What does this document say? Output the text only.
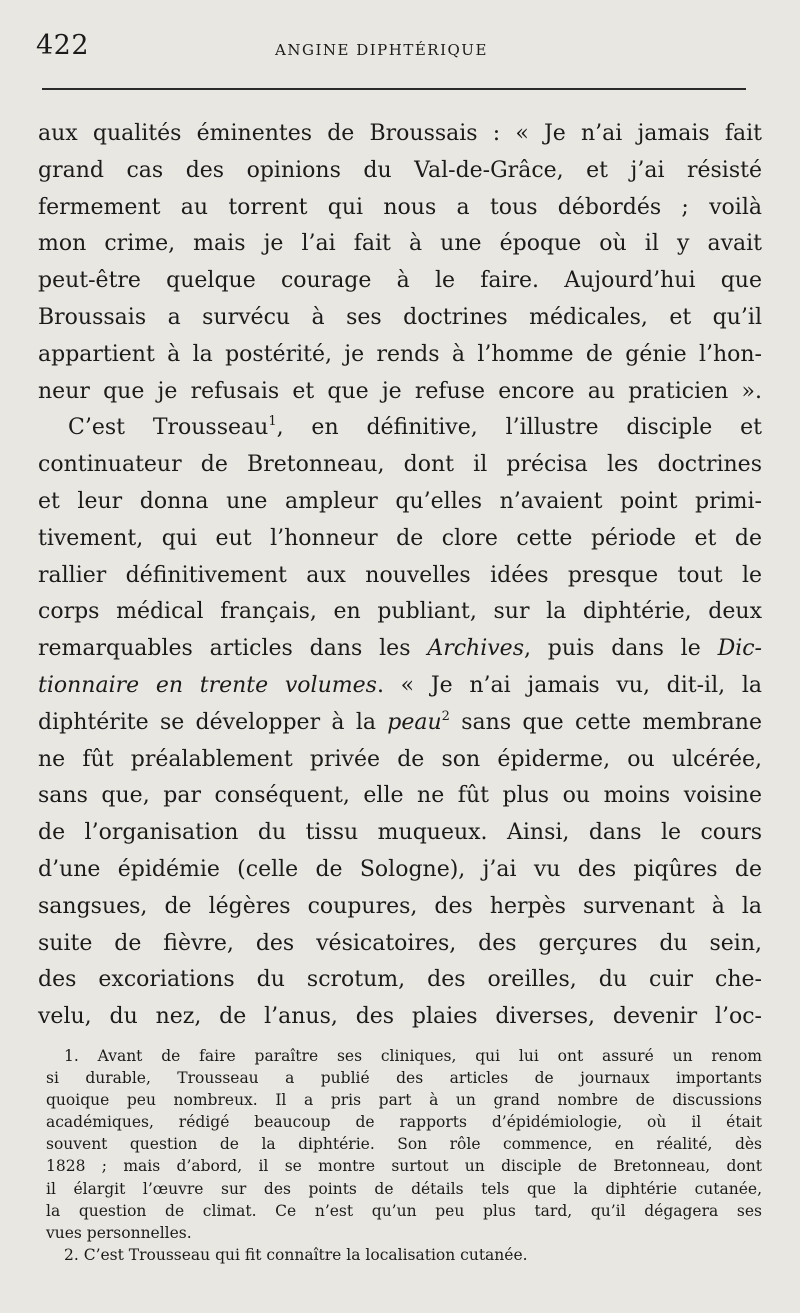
422	ANGINE DIPHTÉRIQUE
aux qualités éminentes de Broussais : « Je n’ai jamais fait
grand cas des opinions du Val-de-Grâce, et j’ai résisté
fermement au torrent qui nous a tous débordés ; voilà
mon crime, mais je l’ai fait à une époque où il y avait
peut-être quelque courage à le faire. Aujourd’hui que
Broussais a survécu à ses doctrines médicales, et qu’il
appartient à la postérité, je rends à l’homme de génie l’hon-
neur que je refusais et que je refuse encore au praticien ».
C’est Trousseau$^1$, en définitive, l’illustre disciple et
continuateur de Bretonneau, dont il précisa les doctrines
et leur donna une ampleur qu’elles n’avaient point primi-
tivement, qui eut l’honneur de clore cette période et de
rallier définitivement aux nouvelles idées presque tout le
corps médical français, en publiant, sur la diphtérie, deux
remarquables articles dans les Archives, puis dans le Dic-
tionnaire en trente volumes. « Je n’ai jamais vu, dit-il, la
diphtérite se développer à la peau$^2$ sans que cette membrane
ne fût préalablement privée de son épiderme, ou ulcérée,
sans que, par conséquent, elle ne fût plus ou moins voisine
de l’organisation du tissu muqueux. Ainsi, dans le cours
d’une épidémie (celle de Sologne), j’ai vu des piqûres de
sangsues, de légères coupures, des herpès survenant à la
suite de fièvre, des vésicatoires, des gerçures du sein,
des excoriations du scrotum, des oreilles, du cuir che-
velu, du nez, de l’anus, des plaies diverses, devenir l’oc-
1. Avant de faire paraître ses cliniques, qui lui ont assuré un renom
si durable, Trousseau a publié des articles de journaux importants
quoique peu nombreux. Il a pris part à un grand nombre de discussions
académiques, rédigé beaucoup de rapports d’épidémiologie, où il était
souvent question de la diphtérie. Son rôle commence, en réalité, dès
1828 ; mais d’abord, il se montre surtout un disciple de Bretonneau, dont
il élargit l’œuvre sur des points de détails tels que la diphtérie cutanée,
la question de climat. Ce n’est qu’un peu plus tard, qu’il dégagera ses
vues personnelles.
2. C’est Trousseau qui fit connaître la localisation cutanée.
